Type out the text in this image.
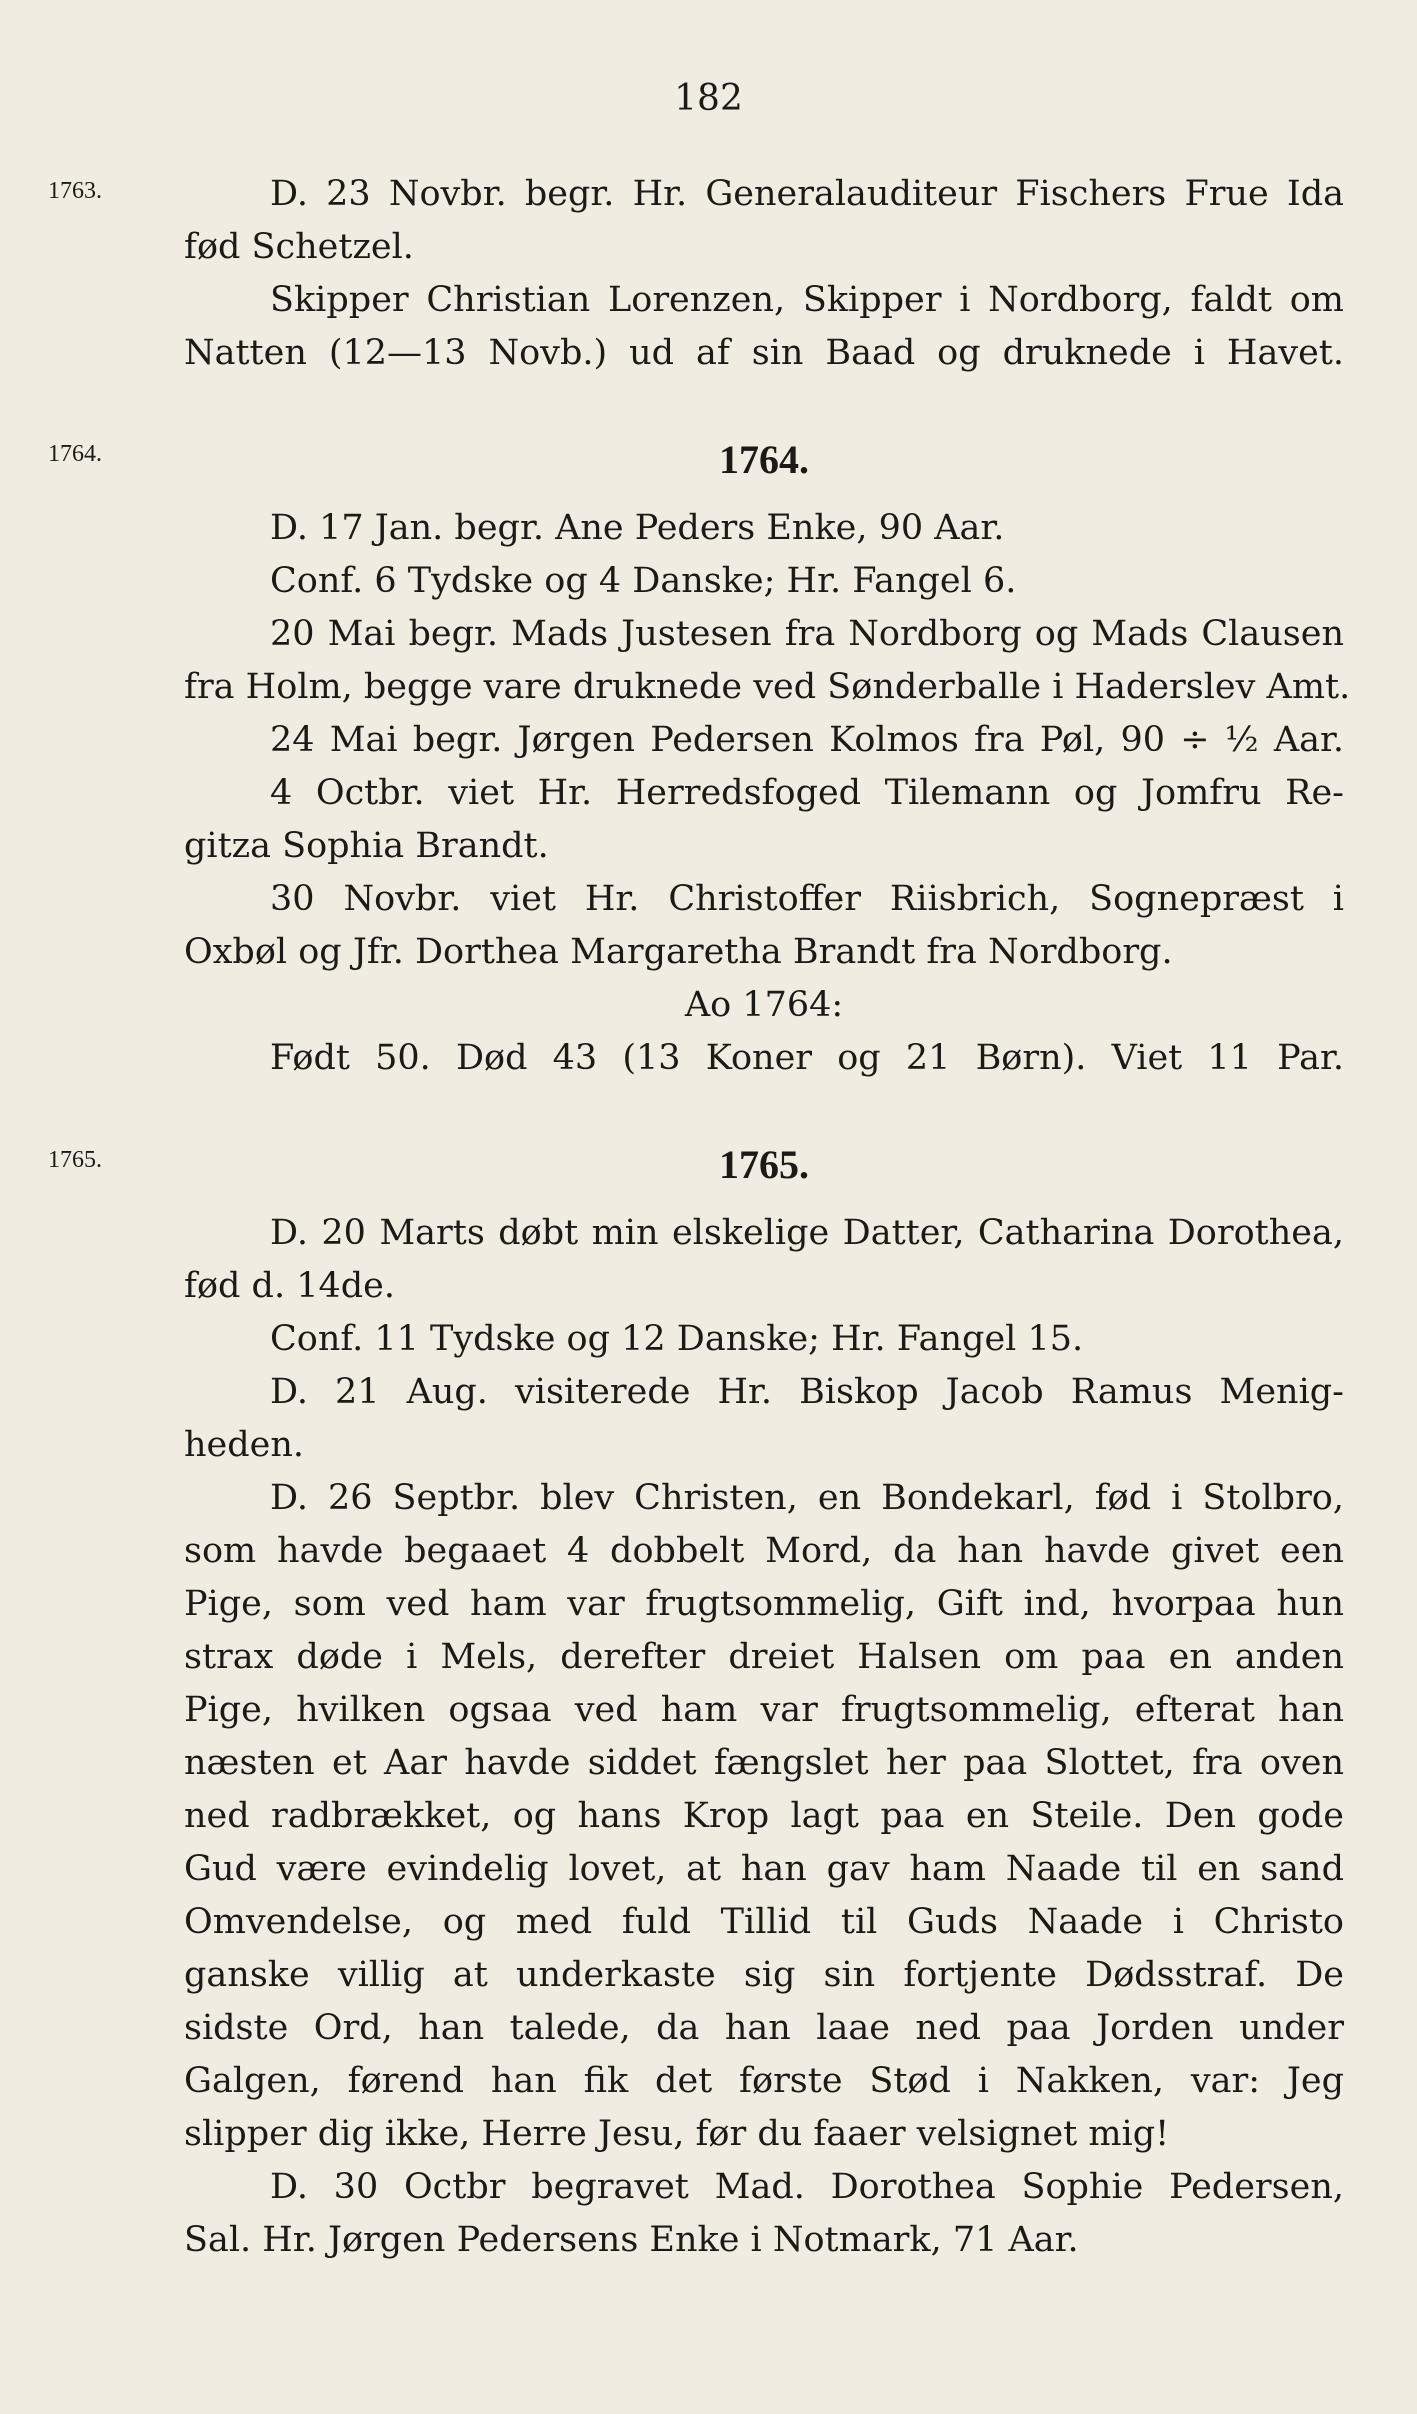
182
1763.
1764.
1765.
D. 23 Novbr. begr. Hr. Generalauditeur Fischers Frue Ida
fød Schetzel.
Skipper Christian Lorenzen, Skipper i Nordborg, faldt om
Natten (12—13 Novb.) ud af sin Baad og druknede i Havet.
1764.
D. 17 Jan. begr. Ane Peders Enke, 90 Aar.
Conf. 6 Tydske og 4 Danske; Hr. Fangel 6.
20 Mai begr. Mads Justesen fra Nordborg og Mads Clausen
fra Holm, begge vare druknede ved Sønderballe i Haderslev Amt.
24 Mai begr. Jørgen Pedersen Kolmos fra Pøl, 90 ÷ ½ Aar.
4 Octbr. viet Hr. Herredsfoged Tilemann og Jomfru Re-
gitza Sophia Brandt.
30 Novbr. viet Hr. Christoffer Riisbrich, Sognepræst i
Oxbøl og Jfr. Dorthea Margaretha Brandt fra Nordborg.
Ao 1764:
Født 50. Død 43 (13 Koner og 21 Børn). Viet 11 Par.
1765.
D. 20 Marts døbt min elskelige Datter, Catharina Dorothea,
fød d. 14de.
Conf. 11 Tydske og 12 Danske; Hr. Fangel 15.
D. 21 Aug. visiterede Hr. Biskop Jacob Ramus Menig-
heden.
D. 26 Septbr. blev Christen, en Bondekarl, fød i Stolbro,
som havde begaaet 4 dobbelt Mord, da han havde givet een
Pige, som ved ham var frugtsommelig, Gift ind, hvorpaa hun
strax døde i Mels, derefter dreiet Halsen om paa en anden
Pige, hvilken ogsaa ved ham var frugtsommelig, efterat han
næsten et Aar havde siddet fængslet her paa Slottet, fra oven
ned radbrækket, og hans Krop lagt paa en Steile. Den gode
Gud være evindelig lovet, at han gav ham Naade til en sand
Omvendelse, og med fuld Tillid til Guds Naade i Christo
ganske villig at underkaste sig sin fortjente Dødsstraf. De
sidste Ord, han talede, da han laae ned paa Jorden under
Galgen, førend han fik det første Stød i Nakken, var: Jeg
slipper dig ikke, Herre Jesu, før du faaer velsignet mig!
D. 30 Octbr begravet Mad. Dorothea Sophie Pedersen,
Sal. Hr. Jørgen Pedersens Enke i Notmark, 71 Aar.
